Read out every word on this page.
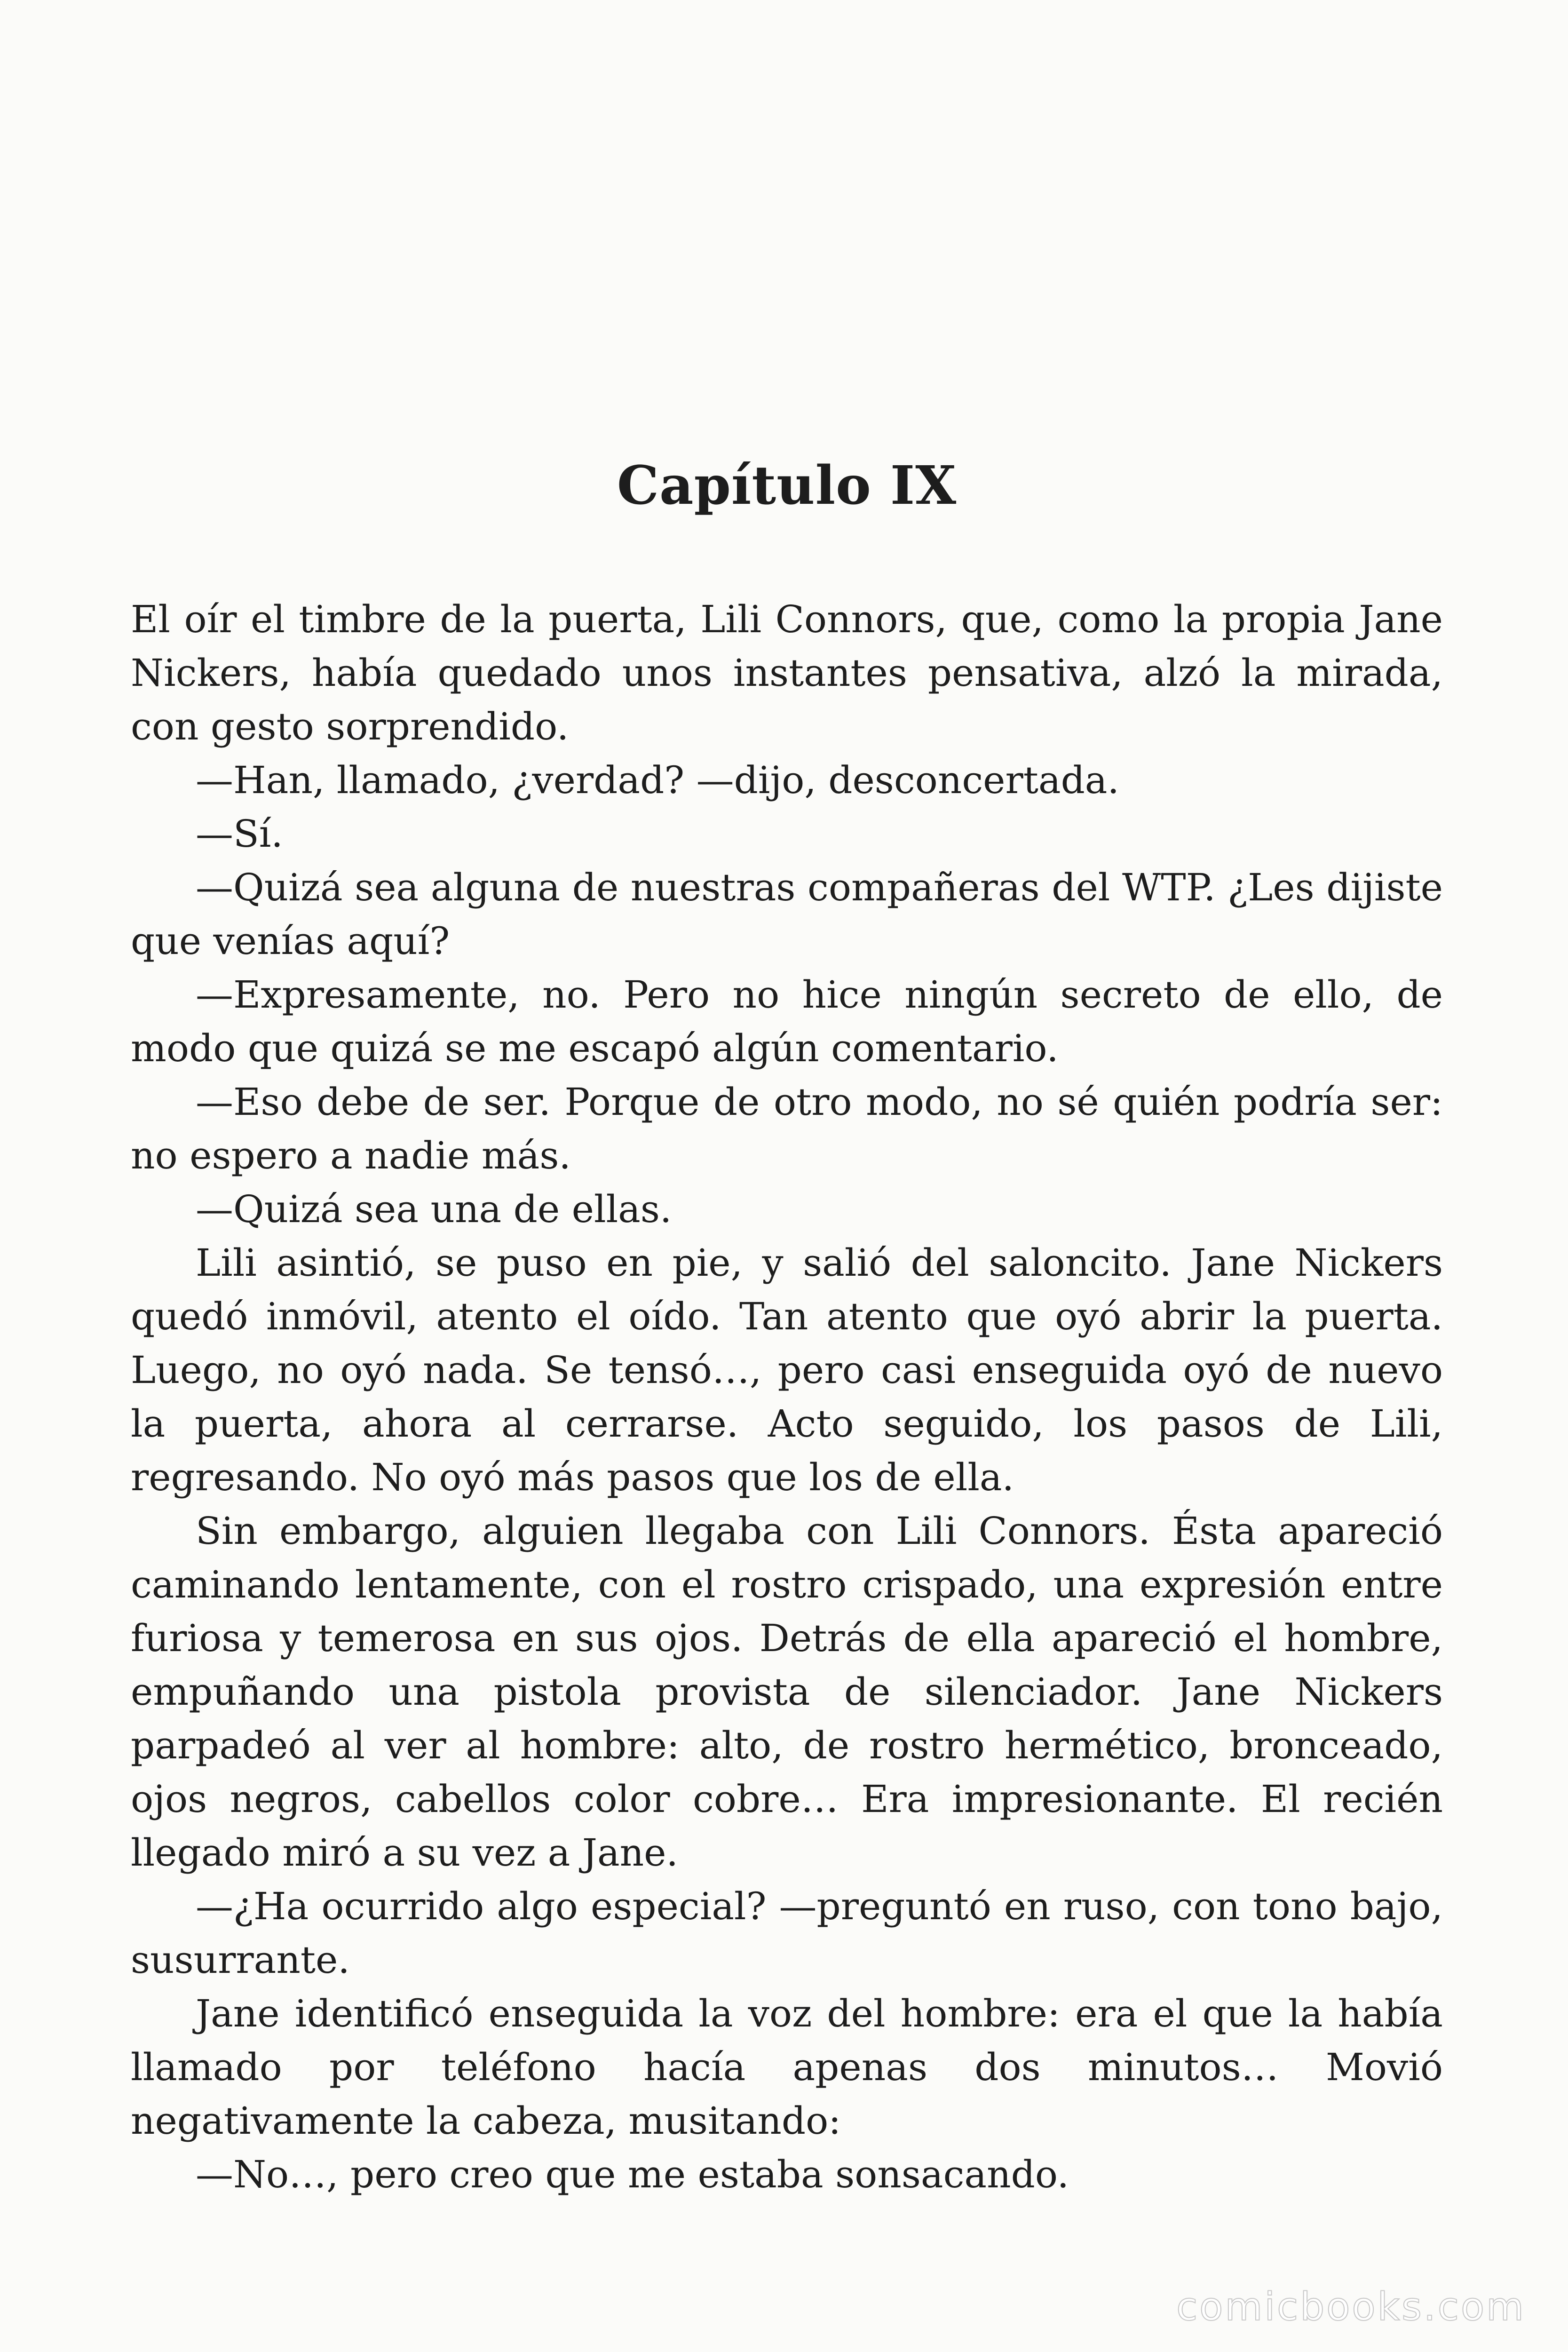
Capítulo IX

El oír el timbre de la puerta, Lili Connors, que, como la propia Jane Nickers, había quedado unos instantes pensativa, alzó la mirada, con gesto sorprendido.

—Han, llamado, ¿verdad? —dijo, desconcertada.

—Sí.

—Quizá sea alguna de nuestras compañeras del WTP. ¿Les dijiste que venías aquí?

—Expresamente, no. Pero no hice ningún secreto de ello, de modo que quizá se me escapó algún comentario.

—Eso debe de ser. Porque de otro modo, no sé quién podría ser: no espero a nadie más.

—Quizá sea una de ellas.

Lili asintió, se puso en pie, y salió del saloncito. Jane Nickers quedó inmóvil, atento el oído. Tan atento que oyó abrir la puerta. Luego, no oyó nada. Se tensó…, pero casi enseguida oyó de nuevo la puerta, ahora al cerrarse. Acto seguido, los pasos de Lili, regresando. No oyó más pasos que los de ella.

Sin embargo, alguien llegaba con Lili Connors. Ésta apareció caminando lentamente, con el rostro crispado, una expresión entre furiosa y temerosa en sus ojos. Detrás de ella apareció el hombre, empuñando una pistola provista de silenciador. Jane Nickers parpadeó al ver al hombre: alto, de rostro hermético, bronceado, ojos negros, cabellos color cobre… Era impresionante. El recién llegado miró a su vez a Jane.

—¿Ha ocurrido algo especial? —preguntó en ruso, con tono bajo, susurrante.

Jane identificó enseguida la voz del hombre: era el que la había llamado por teléfono hacía apenas dos minutos… Movió negativamente la cabeza, musitando:

—No…, pero creo que me estaba sonsacando.

comicbooks.com
